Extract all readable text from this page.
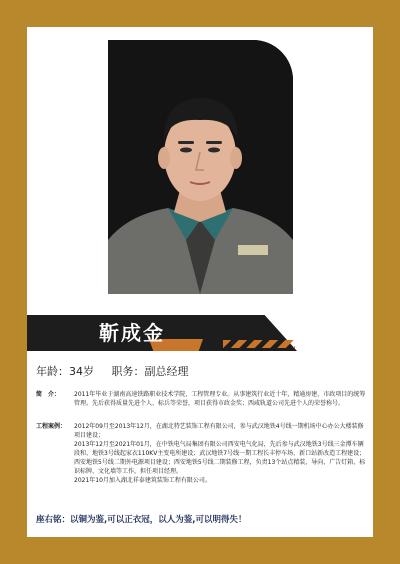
靳成金
年龄：34岁 职务：副总经理
简　介：	2011年毕业于湖南高速铁路职业技术学院，工程管理专业。从事建筑行业近十年，精通房建、市政项目的统筹管理。先后获得质量先进个人、标兵等荣誉，项目获得市政金奖；西咸轨道公司先进个人的荣誉称号。
工程案例：	2012年09月至2013年12月，在湖北特艺装饰工程有限公司，参与武汉地铁4号线一期机场中心办公大楼装修项目建设；
2013年12月至2021年01月，在中铁电气局集团有限公司西安电气化局，先后参与武汉地铁3号线三金潭车辆段和、地铁3号线起家衣110KV主变电所建设；武汉地铁7号线一期工程长丰停车场、新口站新改造工程建设；
西安地铁5号线二期外电源项目建设；西安地铁5号线二期装修工程，负责13个站点精装、导向、广告灯箱、标识标牌、文化墙等工作，担任项目经理。
2021年10月加入湖北祥泰建筑装饰工程有限公司。
座右铭：以铜为鉴,可以正衣冠，以人为鉴,可以明得失！
